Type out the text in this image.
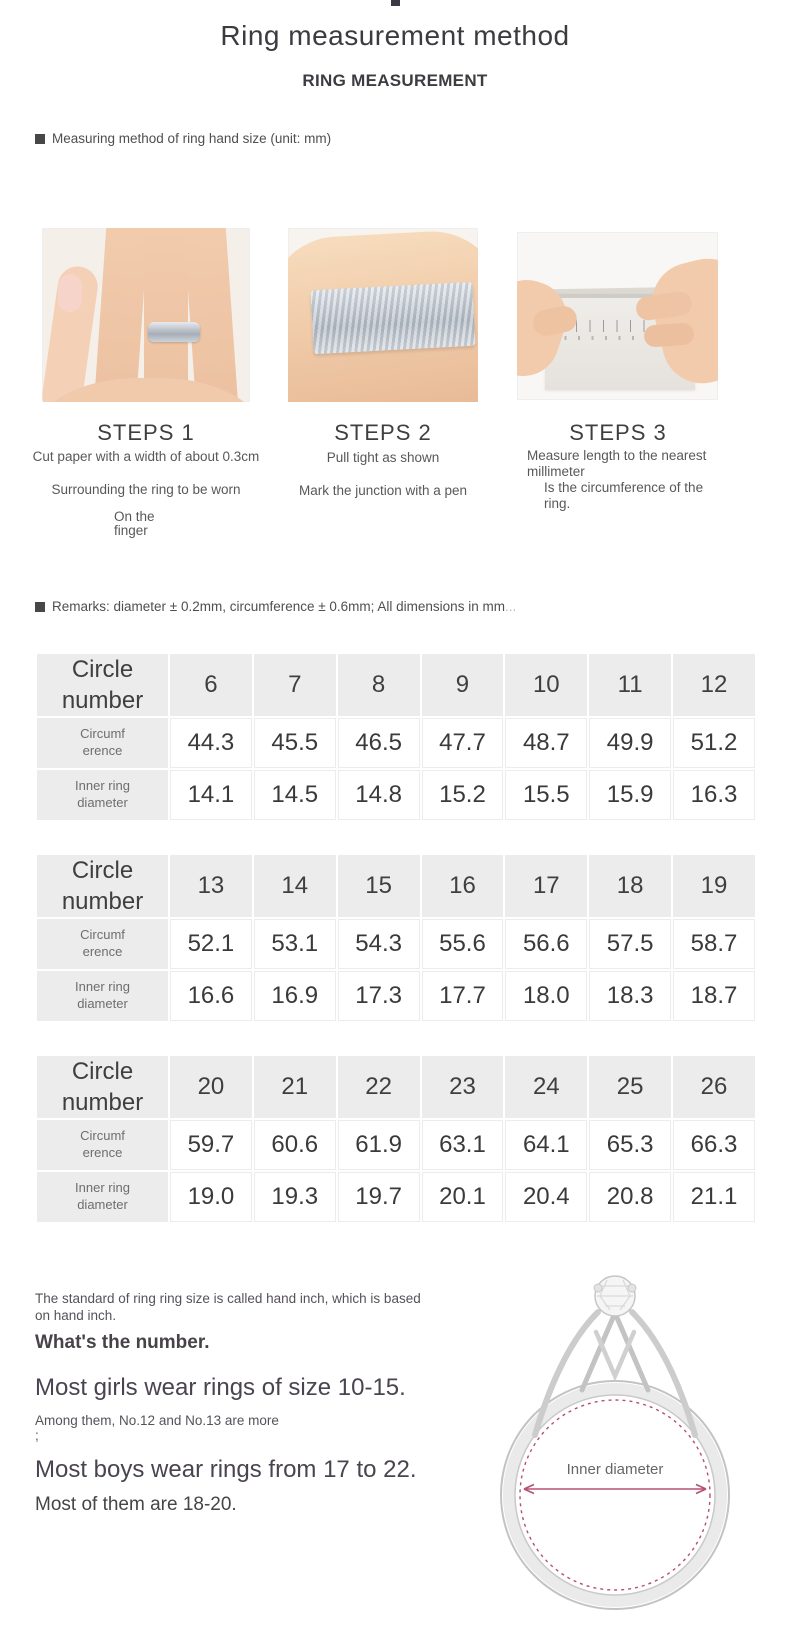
Ring measurement method
RING MEASUREMENT
Measuring method of ring hand size (unit: mm)
STEPS 1	STEPS 2	STEPS 3
Cut paper with a width of about 0.3cm
Surrounding the ring to be worn
On the finger
Pull tight as shown
Mark the junction with a pen
Measure length to the nearest millimeter
Is the circumference of the ring.
Remarks: diameter ± 0.2mm, circumference ± 0.6mm; All dimensions in mm...
Circle
number	6	7	8	9	10	11	12
Circumf
erence	44.3	45.5	46.5	47.7	48.7	49.9	51.2
Inner ring
diameter	14.1	14.5	14.8	15.2	15.5	15.9	16.3
Circle
number	13	14	15	16	17	18	19
Circumf
erence	52.1	53.1	54.3	55.6	56.6	57.5	58.7
Inner ring
diameter	16.6	16.9	17.3	17.7	18.0	18.3	18.7
Circle
number	20	21	22	23	24	25	26
Circumf
erence	59.7	60.6	61.9	63.1	64.1	65.3	66.3
Inner ring
diameter	19.0	19.3	19.7	20.1	20.4	20.8	21.1
The standard of ring ring size is called hand inch, which is based on hand inch.
What's the number.
Most girls wear rings of size 10-15.
Among them, No.12 and No.13 are more
;
Most boys wear rings from 17 to 22.
Most of them are 18-20.
Inner diameter
